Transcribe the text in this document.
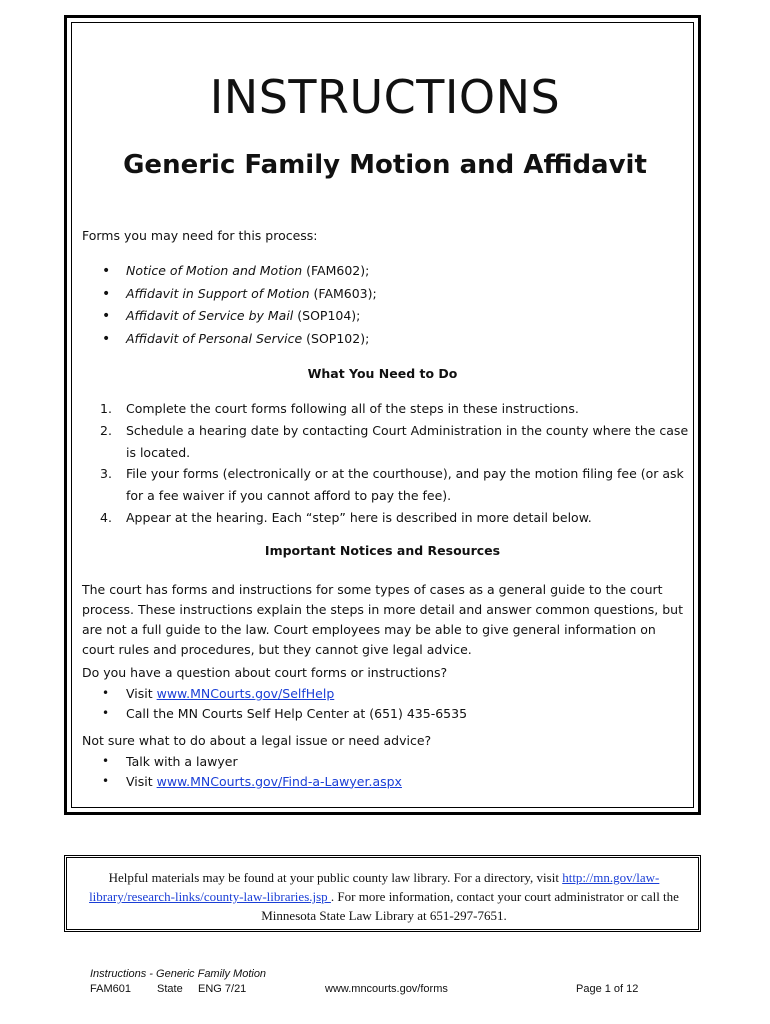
INSTRUCTIONS
Generic Family Motion and Affidavit

Forms you may need for this process:

• Notice of Motion and Motion (FAM602);
• Affidavit in Support of Motion (FAM603);
• Affidavit of Service by Mail (SOP104);
• Affidavit of Personal Service (SOP102);

What You Need to Do

1. Complete the court forms following all of the steps in these instructions.
2. Schedule a hearing date by contacting Court Administration in the county where the case is located.
3. File your forms (electronically or at the courthouse), and pay the motion filing fee (or ask for a fee waiver if you cannot afford to pay the fee).
4. Appear at the hearing. Each “step” here is described in more detail below.

Important Notices and Resources

The court has forms and instructions for some types of cases as a general guide to the court process. These instructions explain the steps in more detail and answer common questions, but are not a full guide to the law. Court employees may be able to give general information on court rules and procedures, but they cannot give legal advice.

Do you have a question about court forms or instructions?

• Visit www.MNCourts.gov/SelfHelp
• Call the MN Courts Self Help Center at (651) 435-6535

Not sure what to do about a legal issue or need advice?

• Talk with a lawyer
• Visit www.MNCourts.gov/Find-a-Lawyer.aspx

Helpful materials may be found at your public county law library. For a directory, visit http://mn.gov/law-library/research-links/county-law-libraries.jsp . For more information, contact your court administrator or call the Minnesota State Law Library at 651-297-7651.

Instructions - Generic Family Motion

FAM601 State ENG 7/21	www.mncourts.gov/forms	Page 1 of 12
